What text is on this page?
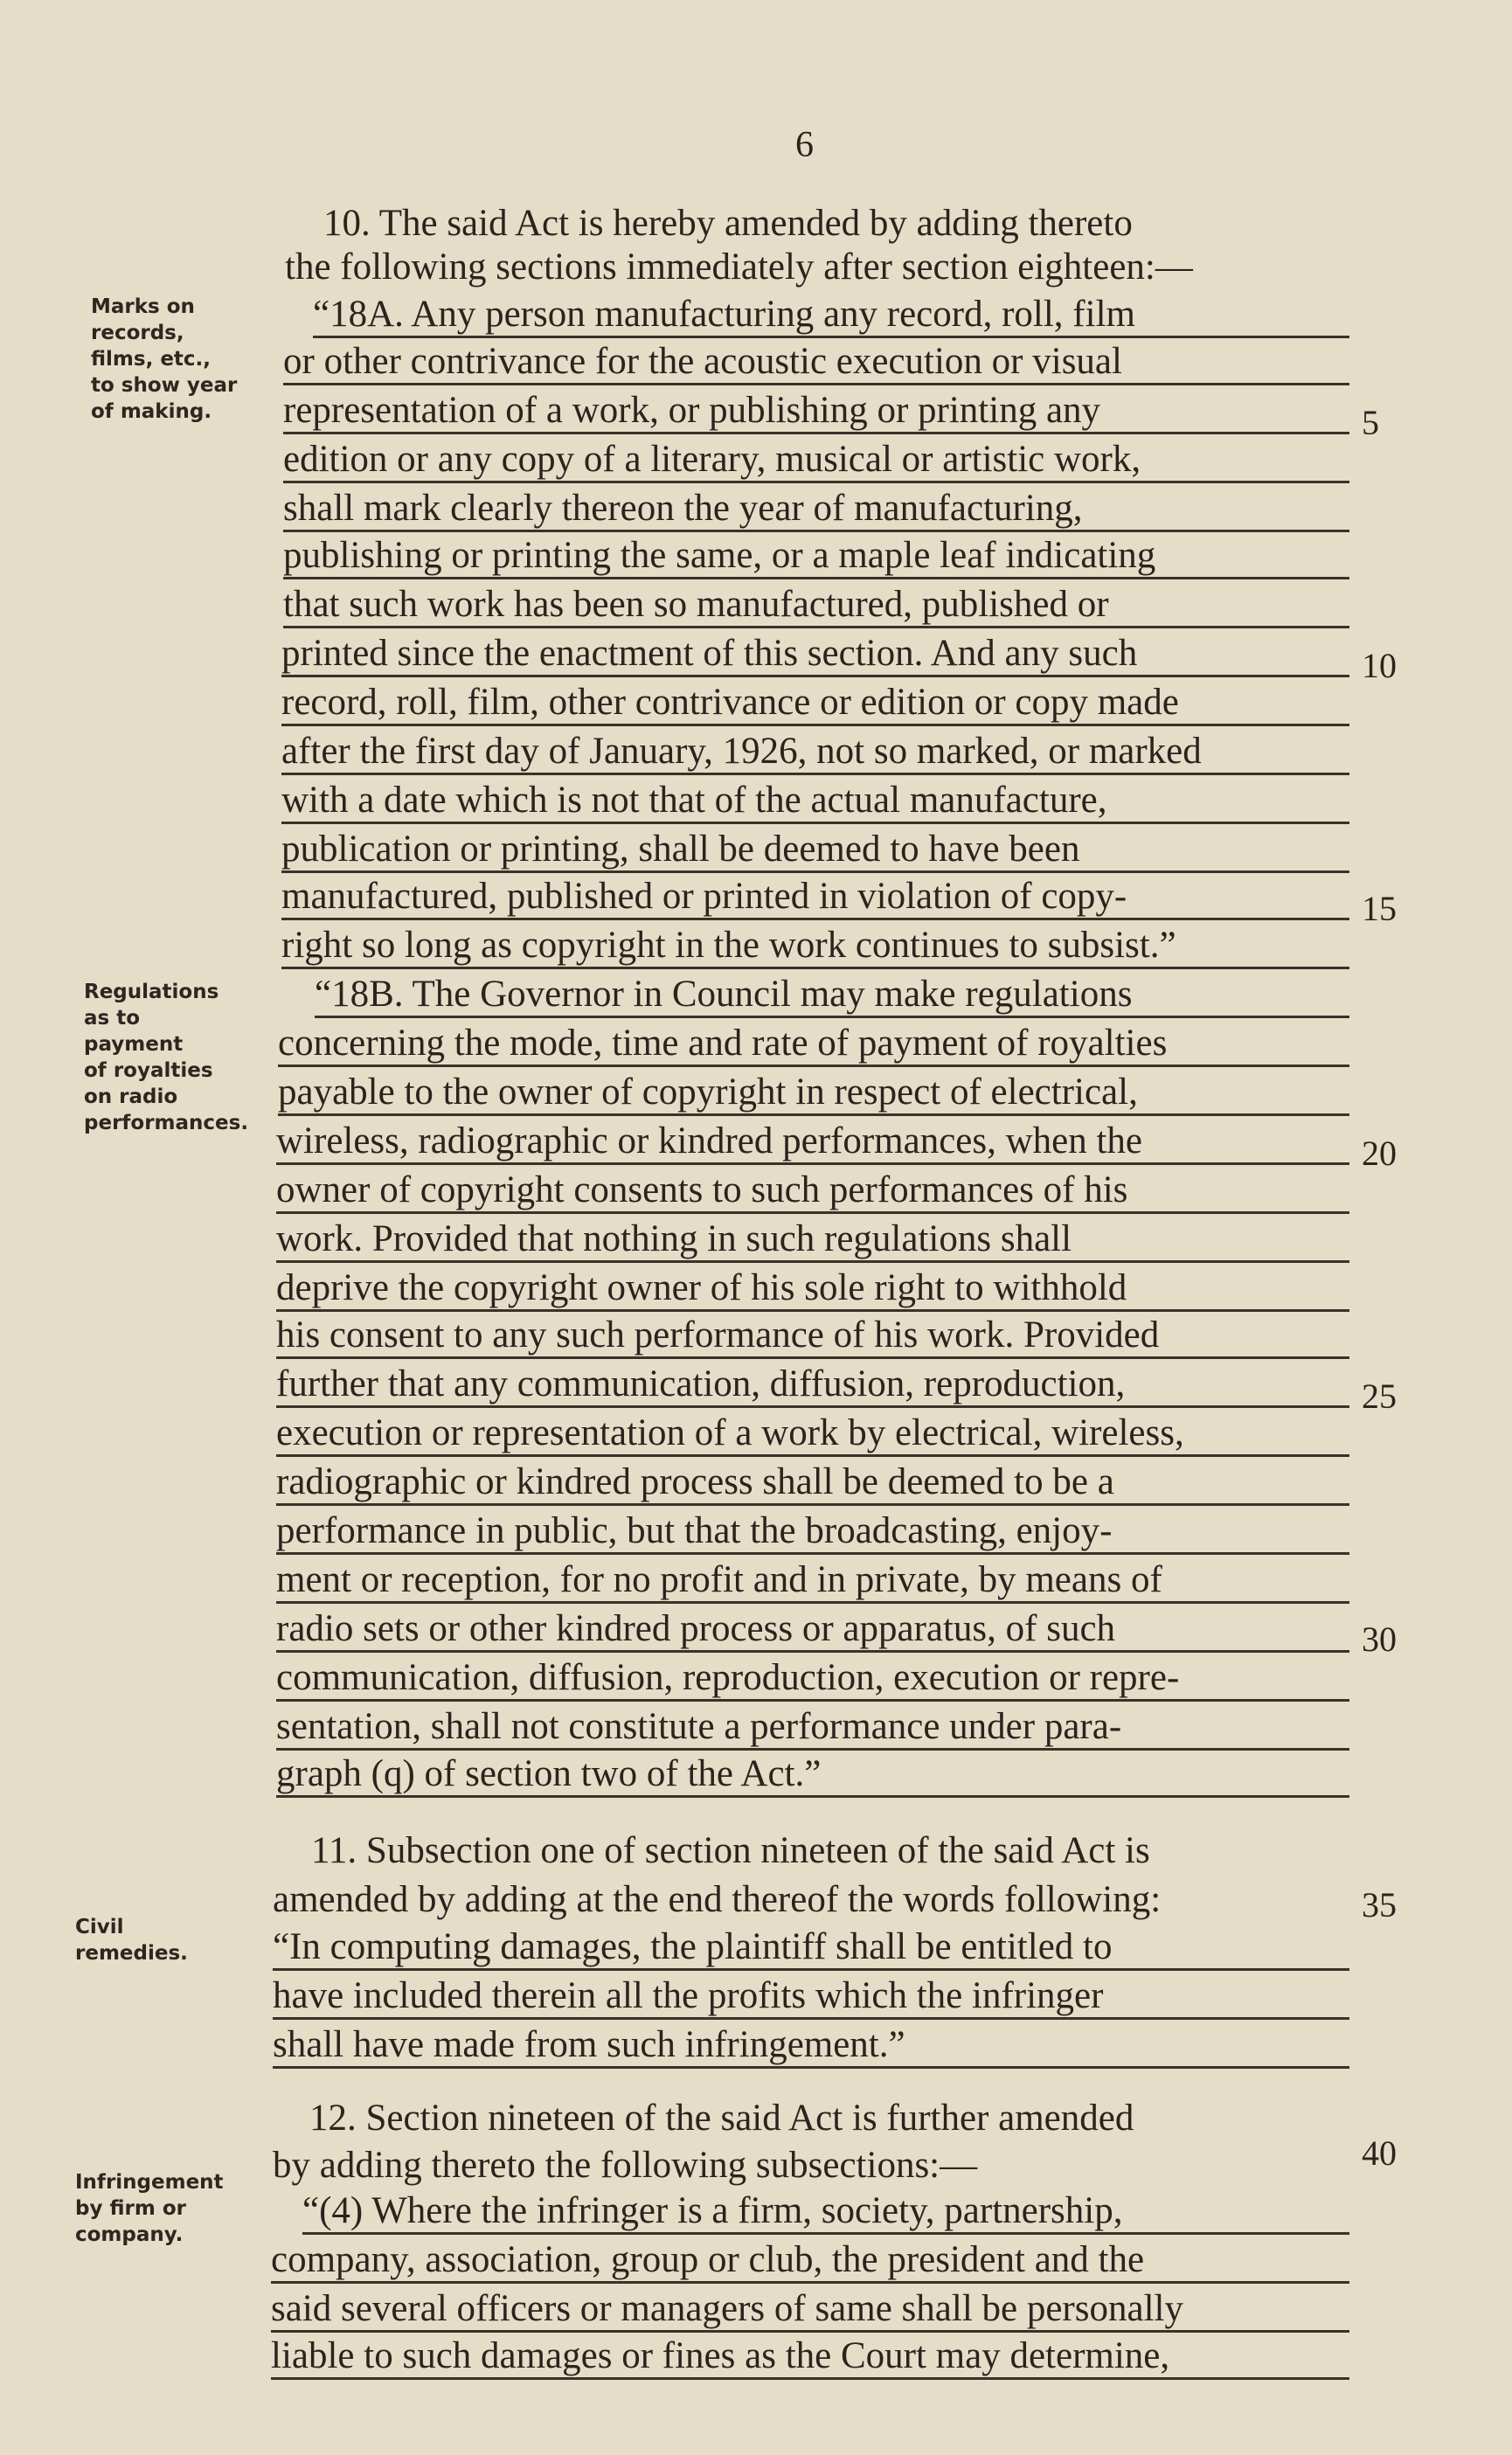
6
Marks on
records,
films, etc.,
to show year
of making.
Regulations
as to
payment
of royalties
on radio
performances.
Civil
remedies.
Infringement
by firm or
company.
5
10
15
20
25
30
35
40
10. The said Act is hereby amended by adding thereto
the following sections immediately after section eighteen:—
“18A. Any person manufacturing any record, roll, film
or other contrivance for the acoustic execution or visual
representation of a work, or publishing or printing any
edition or any copy of a literary, musical or artistic work,
shall mark clearly thereon the year of manufacturing,
publishing or printing the same, or a maple leaf indicating
that such work has been so manufactured, published or
printed since the enactment of this section. And any such
record, roll, film, other contrivance or edition or copy made
after the first day of January, 1926, not so marked, or marked
with a date which is not that of the actual manufacture,
publication or printing, shall be deemed to have been
manufactured, published or printed in violation of copy-
right so long as copyright in the work continues to subsist.”
“18B. The Governor in Council may make regulations
concerning the mode, time and rate of payment of royalties
payable to the owner of copyright in respect of electrical,
wireless, radiographic or kindred performances, when the
owner of copyright consents to such performances of his
work. Provided that nothing in such regulations shall
deprive the copyright owner of his sole right to withhold
his consent to any such performance of his work. Provided
further that any communication, diffusion, reproduction,
execution or representation of a work by electrical, wireless,
radiographic or kindred process shall be deemed to be a
performance in public, but that the broadcasting, enjoy-
ment or reception, for no profit and in private, by means of
radio sets or other kindred process or apparatus, of such
communication, diffusion, reproduction, execution or repre-
sentation, shall not constitute a performance under para-
graph (q) of section two of the Act.”
11. Subsection one of section nineteen of the said Act is
amended by adding at the end thereof the words following:
“In computing damages, the plaintiff shall be entitled to
have included therein all the profits which the infringer
shall have made from such infringement.”
12. Section nineteen of the said Act is further amended
by adding thereto the following subsections:—
“(4) Where the infringer is a firm, society, partnership,
company, association, group or club, the president and the
said several officers or managers of same shall be personally
liable to such damages or fines as the Court may determine,
